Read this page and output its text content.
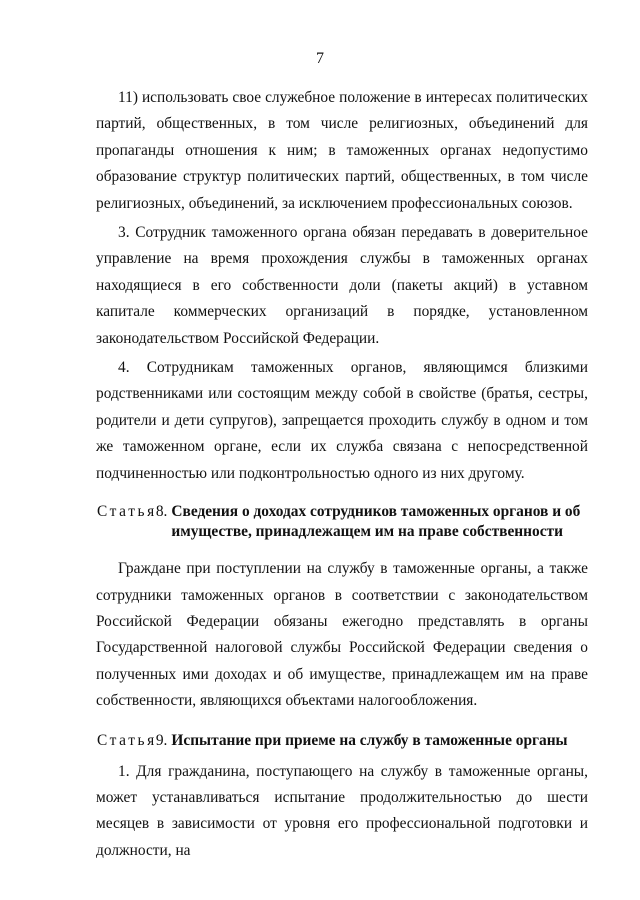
7

11) использовать свое служебное положение в интересах политических партий, общественных, в том числе религиозных, объединений для пропаганды отношения к ним; в таможенных органах недопустимо образование структур политических партий, общественных, в том числе религиозных, объединений, за исключением профессиональных союзов.

3. Сотрудник таможенного органа обязан передавать в доверительное управление на время прохождения службы в таможенных органах находящиеся в его собственности доли (пакеты акций) в уставном капитале коммерческих организаций в порядке, установленном законодательством Российской Федерации.

4. Сотрудникам таможенных органов, являющимся близкими родственниками или состоящим между собой в свойстве (братья, сестры, родители и дети супругов), запрещается проходить службу в одном и том же таможенном органе, если их служба связана с непосредственной подчиненностью или подконтрольностью одного из них другому.

Статья 8. Сведения о доходах сотрудников таможенных органов и об имуществе, принадлежащем им на праве собственности

Граждане при поступлении на службу в таможенные органы, а также сотрудники таможенных органов в соответствии с законодательством Российской Федерации обязаны ежегодно представлять в органы Государственной налоговой службы Российской Федерации сведения о полученных ими доходах и об имуществе, принадлежащем им на праве собственности, являющихся объектами налогообложения.

Статья 9. Испытание при приеме на службу в таможенные органы

1. Для гражданина, поступающего на службу в таможенные органы, может устанавливаться испытание продолжительностью до шести месяцев в зависимости от уровня его профессиональной подготовки и должности, на
